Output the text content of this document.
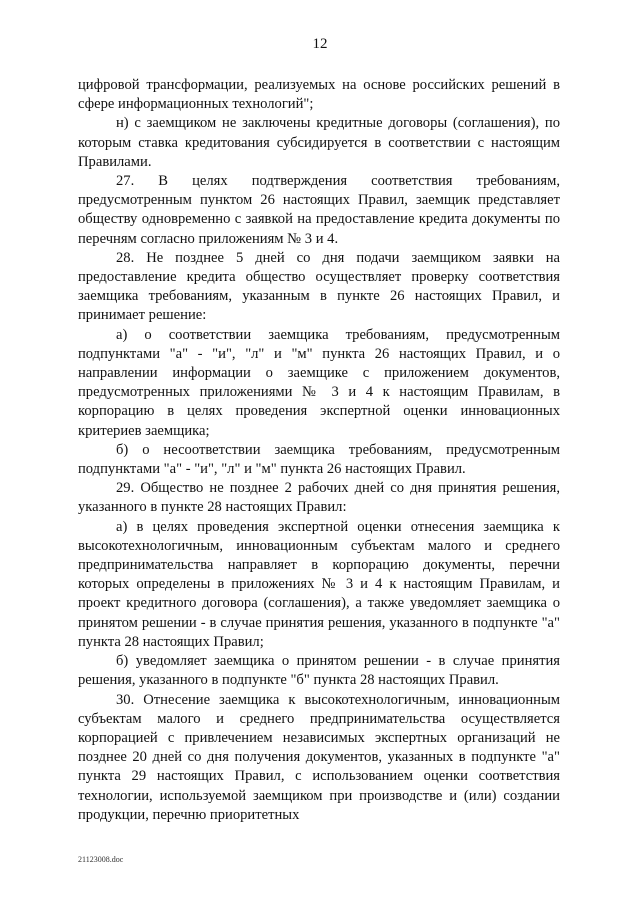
12

цифровой трансформации, реализуемых на основе российских решений в сфере информационных технологий";

н) с заемщиком не заключены кредитные договоры (соглашения), по которым ставка кредитования субсидируется в соответствии с настоящим Правилами.

27. В целях подтверждения соответствия требованиям, предусмотренным пунктом 26 настоящих Правил, заемщик представляет обществу одновременно с заявкой на предоставление кредита документы по перечням согласно приложениям № 3 и 4.

28. Не позднее 5 дней со дня подачи заемщиком заявки на предоставление кредита общество осуществляет проверку соответствия заемщика требованиям, указанным в пункте 26 настоящих Правил, и принимает решение:

а) о соответствии заемщика требованиям, предусмотренным подпунктами "а" - "и", "л" и "м" пункта 26 настоящих Правил, и о направлении информации о заемщике с приложением документов, предусмотренных приложениями № 3 и 4 к настоящим Правилам, в корпорацию в целях проведения экспертной оценки инновационных критериев заемщика;

б) о несоответствии заемщика требованиям, предусмотренным подпунктами "а" - "и", "л" и "м" пункта 26 настоящих Правил.

29. Общество не позднее 2 рабочих дней со дня принятия решения, указанного в пункте 28 настоящих Правил:

а) в целях проведения экспертной оценки отнесения заемщика к высокотехнологичным, инновационным субъектам малого и среднего предпринимательства направляет в корпорацию документы, перечни которых определены в приложениях № 3 и 4 к настоящим Правилам, и проект кредитного договора (соглашения), а также уведомляет заемщика о принятом решении - в случае принятия решения, указанного в подпункте "а" пункта 28 настоящих Правил;

б) уведомляет заемщика о принятом решении - в случае принятия решения, указанного в подпункте "б" пункта 28 настоящих Правил.

30. Отнесение заемщика к высокотехнологичным, инновационным субъектам малого и среднего предпринимательства осуществляется корпорацией с привлечением независимых экспертных организаций не позднее 20 дней со дня получения документов, указанных в подпункте "а" пункта 29 настоящих Правил, с использованием оценки соответствия технологии, используемой заемщиком при производстве и (или) создании продукции, перечню приоритетных

21123008.doc
